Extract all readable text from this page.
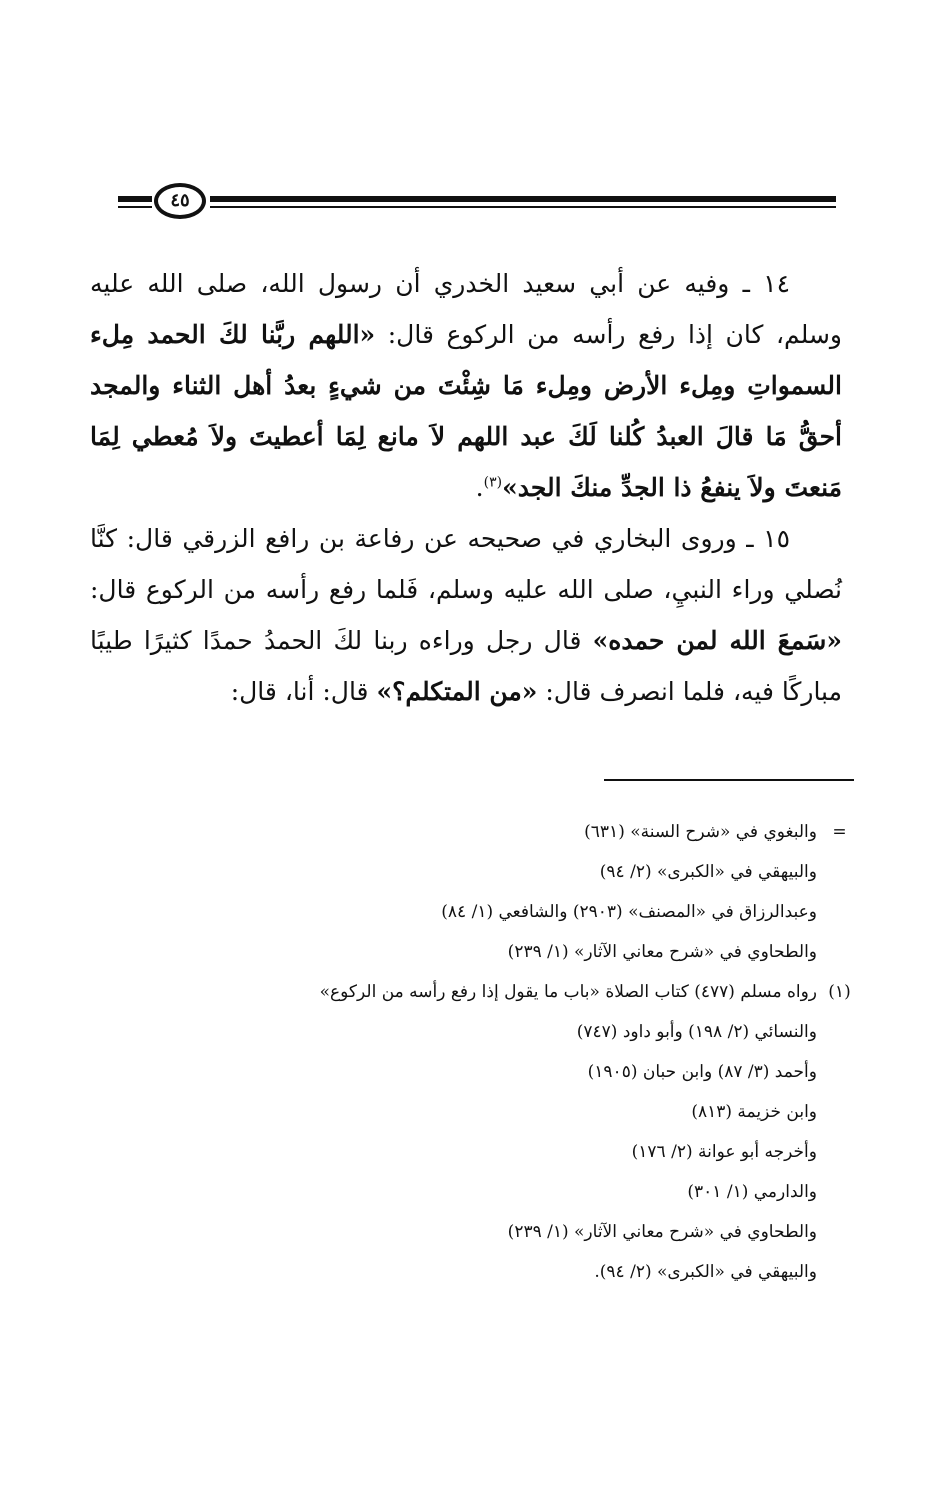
٤٥

١٤ ـ وفيه عن أبي سعيد الخدري أن رسول الله، صلى الله عليه وسلم، كان إذا رفع رأسه من الركوع قال: «اللهم ربَّنا لكَ الحمد مِلء السمواتِ ومِلء الأرض ومِلء مَا شِئْتَ من شيءٍ بعدُ أهل الثناء والمجد أحقُّ مَا قالَ العبدُ كُلنا لَكَ عبد اللهم لاَ مانع لِمَا أعطيتَ ولاَ مُعطي لِمَا مَنعتَ ولاَ ينفعُ ذا الجدِّ منكَ الجد»$^{(٣)}$.

١٥ ـ وروى البخاري في صحيحه عن رفاعة بن رافع الزرقي قال: كنَّا نُصلي وراء النبيِ، صلى الله عليه وسلم، فَلما رفع رأسه من الركوع قال: «سَمعَ الله لمن حمده» قال رجل وراءه ربنا لكَ الحمدُ حمدًا كثيرًا طيبًا مباركًا فيه، فلما انصرف قال: «من المتكلم؟» قال: أنا، قال:

=
والبغوي في «شرح السنة» (٦٣١)
والبيهقي في «الكبرى» (٢/ ٩٤)
وعبدالرزاق في «المصنف» (٢٩٠٣) والشافعي (١/ ٨٤)
والطحاوي في «شرح معاني الآثار» (١/ ٢٣٩)
(١)
رواه مسلم (٤٧٧) كتاب الصلاة «باب ما يقول إذا رفع رأسه من الركوع»
والنسائي (٢/ ١٩٨) وأبو داود (٧٤٧)
وأحمد (٣/ ٨٧) وابن حبان (١٩٠٥)
وابن خزيمة (٨١٣)
وأخرجه أبو عوانة (٢/ ١٧٦)
والدارمي (١/ ٣٠١)
والطحاوي في «شرح معاني الآثار» (١/ ٢٣٩)
والبيهقي في «الكبرى» (٢/ ٩٤).
